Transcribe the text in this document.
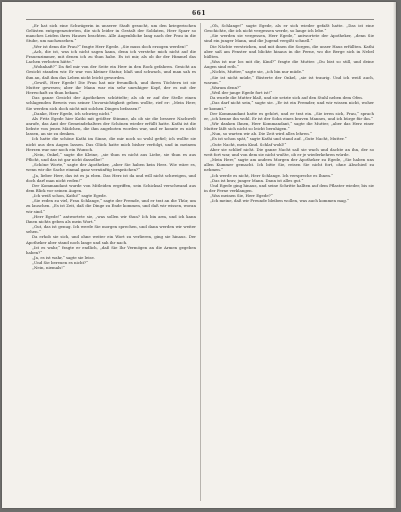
661

„Er hat sich eine Schwägerin in unserer Stadt gesucht, um den kriegerischen Gelüsten entgegenzutreten, die sich leider in Gestalt der Soldaten, Herr Sparr so manches Leiden ihres Hauses brachten. Alle Augenblicke lang nach der Frau in die Stube, um nachzusehen.“

„Wer ist denn die Frau?“ fragte Herr Egede. „Sie muss doch erzogen werden!“

„Ach, die ist, was ich nicht sagen kann, denn ich verstehe mich nicht auf die Frauenzimmer, mit denen ich zu thun habe. Es ist mir, als ob ihr der Himmel das Lachen verboten hätte.“

„Wohnhaft?“ Da fiel mir von der Seite ein Herr in den Rock gefahren. Gesicht an Gesicht standen wir. Er war von kleiner Statur, blaß und schwach, und man sah es ihm an, daß ihm das Leben nicht leicht geworden.

„Gewiß, Herr Egede! Die Frau hat mir freundlich, und ihren Töchtern ist sie Mutter gewesen; aber ihr Mann war ein sehr unruhiger Kopf, der es mit der Herrschaft zu thun bekam.“

Das ganze Gesicht der Apothekers schüttelte; als ob er auf der Stelle einen schlagenden Beweis von seiner Unvorsichtigkeit geben wollte, rief er: „Mein Herr, Sie werden sich doch nicht mit solchen Dingen befassen!“

„Danke, Herr Egede, ich schwieg nicht.“

Als Fritz Egede hier Kathi mit größter Stimme, als ob sie die bessere Nachwelt anrufe, das Amt der Gemeindehalters der Schönen wieder erfüllt hatte. Kathi ist die liebste von jenen Mädchen, die ihm angeboten worden war, und er konnte es nicht lassen, an sie zu denken.

Ich hatte die schöne Kathi im Sinne, die mir noch so wohl gefiel; ich wollte sie nicht aus den Augen lassen. Das Glück hatte mich bisher verfolgt, und in meinem Herzen war nur noch ein Wunsch.

„Nein, Onkel,“ sagte die Kleine, „sie thun es nicht aus Liebe, sie thun es aus Pflicht, und das ist gar nicht dasselbe!“

„Schöne Worte,“ sagte der Apotheker, „aber Sie haben kein Herz. Wie wäre es, wenn wir die Sache einmal ganz vernünftig besprächen?“

„Ja, lieber Herr, das ist es ja eben. Das Herz ist da und will nicht schweigen, und doch darf man nicht reden!“

Der Kommandant wurde von Mitleiden ergriffen, sein Schicksal verschwand aus dem Blick vor seinen Augen.

„Ich weiß schon, Kathi!“ sagte Egede.

„Sie reden zu viel, Frau Schlange,“ sagte der Fremde, und er trat an die Thür, um zu lauschen. „Es ist Zeit, daß die Dinge zu Ende kommen, und daß wir wissen, woran wir sind.“

„Herr Egede!“ antwortete sie, „was sollen wir thun? Ich bin arm, und ich kann Ihnen nichts geben als mein Wort.“

„Gut, das ist genug. Ich werde Sie morgen sprechen, und dann werden wir weiter sehen.“

Da erhob sie sich, und ohne weiter ein Wort zu verlieren, ging sie hinaus. Der Apotheker aber stand noch lange und sah ihr nach.

„Ist es wahr,“ fragte er endlich, „daß Sie Ihr Vermögen an die Armen gegeben haben?“

„Ja, es ist wahr,“ sagte sie leise.

„Und Sie bereuen es nicht?“

„Nein, niemals!“

„Oh, Schlange!“ sagte Egede, als er sich wieder gefaßt hatte. „Das ist eine Geschichte, die ich nicht vergessen werde, so lange ich lebe.“

„Sie werden sie vergessen, Herr Egede,“ antwortete der Apotheker, „denn Sie sind ein junger Mann, und die Jugend vergißt schnell.“

Die Nächte verstrichen, und mit ihnen die Sorgen, die unser Haus erfüllten. Kathi aber saß am Fenster und blickte hinaus in die Ferne, wo die Berge sich in Nebel hüllten.

„Was ist nur los mit dir, Kind?“ fragte die Mutter. „Du bist so still, und deine Augen sind roth.“

„Nichts, Mutter,“ sagte sie, „ich bin nur müde.“

„Sie ist nicht müde,“ flüsterte der Onkel, „sie ist traurig. Und ich weiß auch, warum.“

„Warum denn?“

„Weil der junge Egede fort ist!“

Da wurde die Mutter blaß, und sie setzte sich auf den Stuhl neben dem Ofen.

„Das darf nicht sein,“ sagte sie. „Er ist ein Fremder, und wir wissen nicht, woher er kommt.“

Der Kommandant hatte es gehört, und er trat ein. „Sie irren sich, Frau,“ sprach er, „ich kenne ihn wohl. Er ist der Sohn eines braven Mannes, und ich bürge für ihn.“

„Wir danken Ihnen, Herr Kommandant,“ sagte die Mutter, „aber das Herz einer Mutter läßt sich nicht so leicht beruhigen.“

„Nun, so warten wir ab. Die Zeit wird alles lehren.“

„Es ist schon spät,“ sagte Kathi und stand auf. „Gute Nacht, Mutter.“

„Gute Nacht, mein Kind. Schlaf wohl!“

Aber sie schlief nicht. Die ganze Nacht saß sie wach und dachte an ihn, der so weit fort war, und von dem sie nicht wußte, ob er je wiederkehren würde.

„Mein Herr,“ sagte am andern Morgen der Apotheker zu Egede, „Sie haben uns allen Kummer gemacht. Ich bitte Sie, reisen Sie nicht fort, ohne Abschied zu nehmen.“

„Ich werde es nicht, Herr Schlange. Ich verspreche es Ihnen.“

„Das ist brav, junger Mann. Dann ist alles gut.“

Und Egede ging hinaus, und seine Schritte hallten auf dem Pflaster wieder, bis sie in der Ferne verklangen.

„Was meinen Sie, Herr Egede?“

„Ich meine, daß wir Freunde bleiben wollen, was auch kommen mag.“
